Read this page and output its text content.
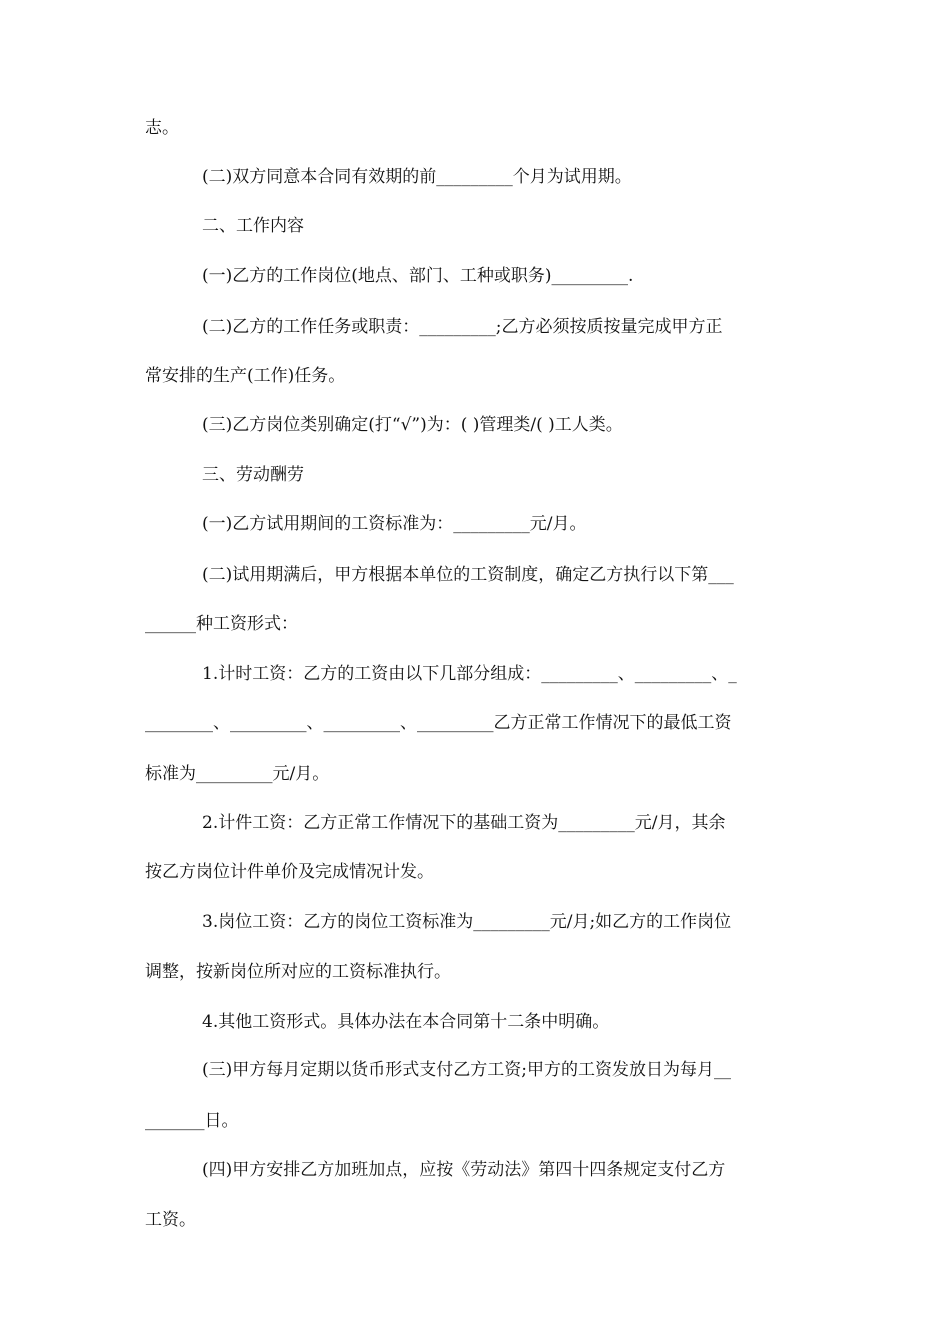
志。

(二)双方同意本合同有效期的前_________个月为试用期。

二、工作内容

(一)乙方的工作岗位(地点、部门、工种或职务)_________.

(二)乙方的工作任务或职责：_________;乙方必须按质按量完成甲方正

常安排的生产(工作)任务。

(三)乙方岗位类别确定(打“√”)为：( )管理类/( )工人类。

三、劳动酬劳

(一)乙方试用期间的工资标准为：_________元/月。

(二)试用期满后，甲方根据本单位的工资制度，确定乙方执行以下第___

______种工资形式：

1.计时工资：乙方的工资由以下几部分组成：_________、_________、_

________、_________、_________、_________乙方正常工作情况下的最低工资

标准为_________元/月。

2.计件工资：乙方正常工作情况下的基础工资为_________元/月，其余

按乙方岗位计件单价及完成情况计发。

3.岗位工资：乙方的岗位工资标准为_________元/月;如乙方的工作岗位

调整，按新岗位所对应的工资标准执行。

4.其他工资形式。具体办法在本合同第十二条中明确。

(三)甲方每月定期以货币形式支付乙方工资;甲方的工资发放日为每月__

_______日。

(四)甲方安排乙方加班加点，应按《劳动法》第四十四条规定支付乙方

工资。
